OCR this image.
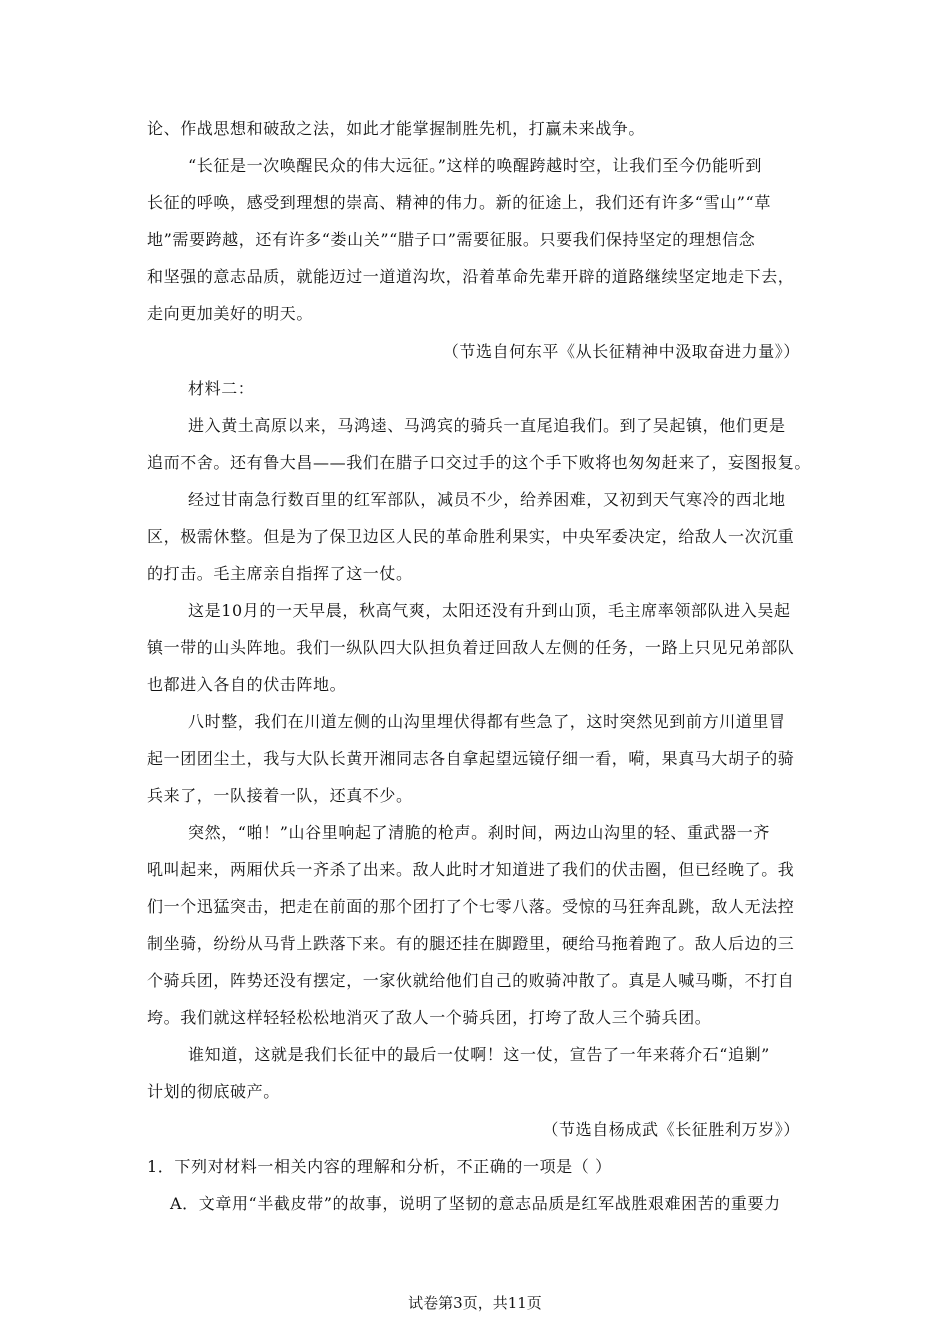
论、作战思想和破敌之法，如此才能掌握制胜先机，打赢未来战争。
“长征是一次唤醒民众的伟大远征。”这样的唤醒跨越时空，让我们至今仍能听到
长征的呼唤，感受到理想的崇高、精神的伟力。新的征途上，我们还有许多“雪山”“草
地”需要跨越，还有许多“娄山关”“腊子口”需要征服。只要我们保持坚定的理想信念
和坚强的意志品质，就能迈过一道道沟坎，沿着革命先辈开辟的道路继续坚定地走下去，
走向更加美好的明天。
（节选自何东平《从长征精神中汲取奋进力量》）
材料二：
进入黄土高原以来，马鸿逵、马鸿宾的骑兵一直尾追我们。到了吴起镇，他们更是
追而不舍。还有鲁大昌——我们在腊子口交过手的这个手下败将也匆匆赶来了，妄图报复。
经过甘南急行数百里的红军部队，减员不少，给养困难，又初到天气寒冷的西北地
区，极需休整。但是为了保卫边区人民的革命胜利果实，中央军委决定，给敌人一次沉重
的打击。毛主席亲自指挥了这一仗。
这是10月的一天早晨，秋高气爽，太阳还没有升到山顶，毛主席率领部队进入吴起
镇一带的山头阵地。我们一纵队四大队担负着迂回敌人左侧的任务，一路上只见兄弟部队
也都进入各自的伏击阵地。
八时整，我们在川道左侧的山沟里埋伏得都有些急了，这时突然见到前方川道里冒
起一团团尘土，我与大队长黄开湘同志各自拿起望远镜仔细一看，嗬，果真马大胡子的骑
兵来了，一队接着一队，还真不少。
突然，“啪！”山谷里响起了清脆的枪声。刹时间，两边山沟里的轻、重武器一齐
吼叫起来，两厢伏兵一齐杀了出来。敌人此时才知道进了我们的伏击圈，但已经晚了。我
们一个迅猛突击，把走在前面的那个团打了个七零八落。受惊的马狂奔乱跳，敌人无法控
制坐骑，纷纷从马背上跌落下来。有的腿还挂在脚蹬里，硬给马拖着跑了。敌人后边的三
个骑兵团，阵势还没有摆定，一家伙就给他们自己的败骑冲散了。真是人喊马嘶，不打自
垮。我们就这样轻轻松松地消灭了敌人一个骑兵团，打垮了敌人三个骑兵团。
谁知道，这就是我们长征中的最后一仗啊！这一仗，宣告了一年来蒋介石“追剿”
计划的彻底破产。
（节选自杨成武《长征胜利万岁》）
1．下列对材料一相关内容的理解和分析，不正确的一项是（ ）
A．文章用“半截皮带”的故事，说明了坚韧的意志品质是红军战胜艰难困苦的重要力
试卷第3页，共11页
